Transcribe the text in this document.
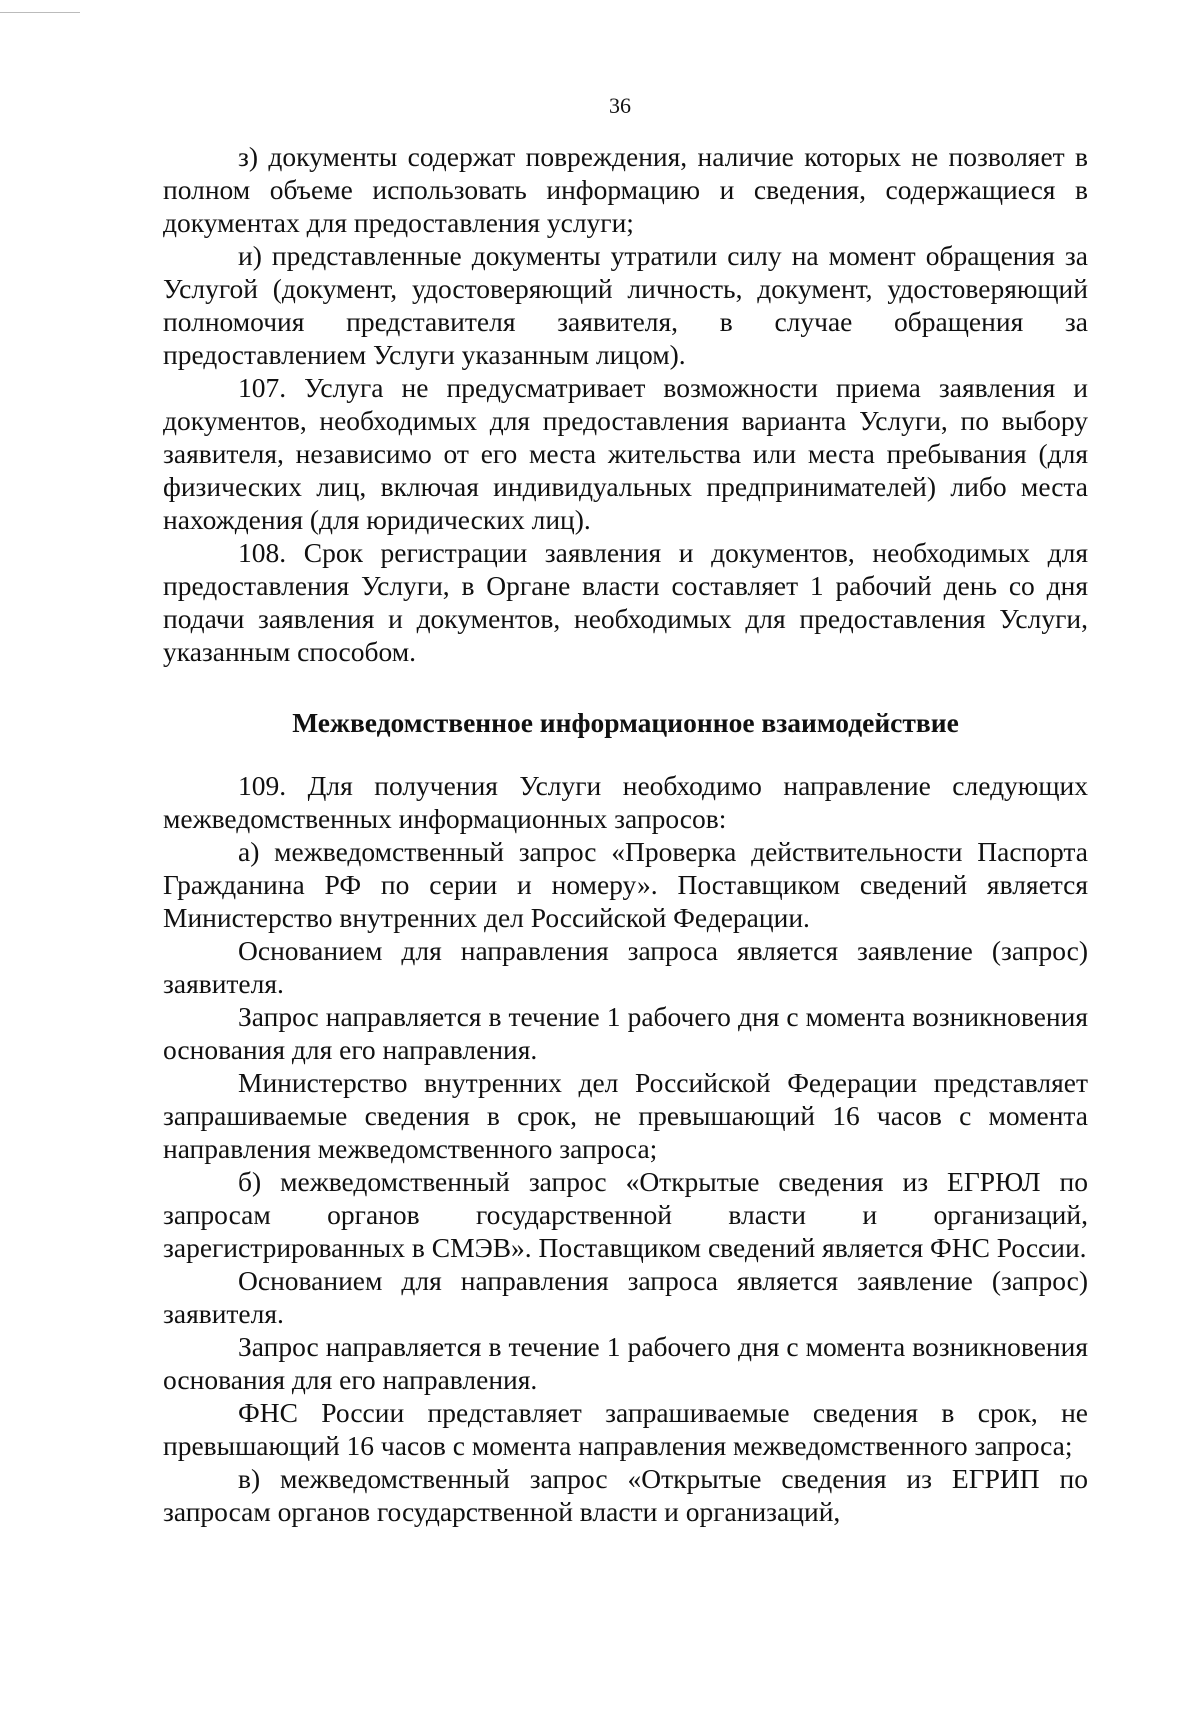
36

з) документы содержат повреждения, наличие которых не позволяет в полном объеме использовать информацию и сведения, содержащиеся в документах для предоставления услуги;

и) представленные документы утратили силу на момент обращения за Услугой (документ, удостоверяющий личность, документ, удостоверяющий полномочия представителя заявителя, в случае обращения за предоставлением Услуги указанным лицом).

107. Услуга не предусматривает возможности приема заявления и документов, необходимых для предоставления варианта Услуги, по выбору заявителя, независимо от его места жительства или места пребывания (для физических лиц, включая индивидуальных предпринимателей) либо места нахождения (для юридических лиц).

108. Срок регистрации заявления и документов, необходимых для предоставления Услуги, в Органе власти составляет 1 рабочий день со дня подачи заявления и документов, необходимых для предоставления Услуги, указанным способом.

Межведомственное информационное взаимодействие

109. Для получения Услуги необходимо направление следующих межведомственных информационных запросов:

а) межведомственный запрос «Проверка действительности Паспорта Гражданина РФ по серии и номеру». Поставщиком сведений является Министерство внутренних дел Российской Федерации.

Основанием для направления запроса является заявление (запрос) заявителя.

Запрос направляется в течение 1 рабочего дня с момента возникновения основания для его направления.

Министерство внутренних дел Российской Федерации представляет запрашиваемые сведения в срок, не превышающий 16 часов с момента направления межведомственного запроса;

б) межведомственный запрос «Открытые сведения из ЕГРЮЛ по запросам органов государственной власти и организаций, зарегистрированных в СМЭВ». Поставщиком сведений является ФНС России.

Основанием для направления запроса является заявление (запрос) заявителя.

Запрос направляется в течение 1 рабочего дня с момента возникновения основания для его направления.

ФНС России представляет запрашиваемые сведения в срок, не превышающий 16 часов с момента направления межведомственного запроса;

в) межведомственный запрос «Открытые сведения из ЕГРИП по запросам органов государственной власти и организаций,
